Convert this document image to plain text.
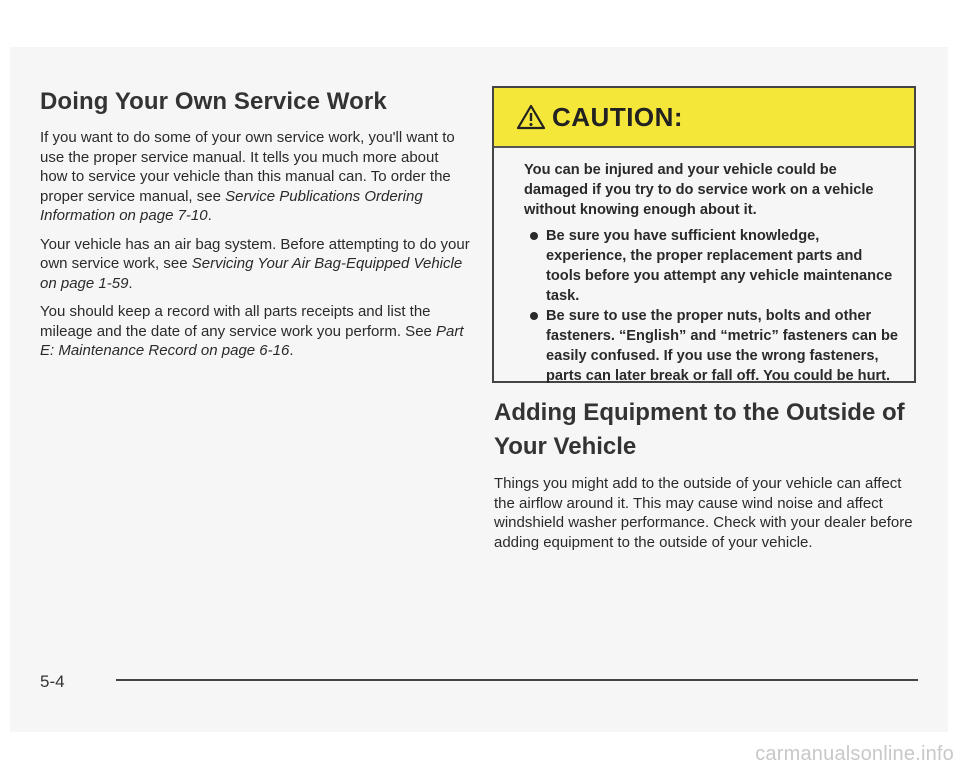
Doing Your Own Service Work

If you want to do some of your own service work, you'll want to use the proper service manual. It tells you much more about how to service your vehicle than this manual can. To order the proper service manual, see Service Publications Ordering Information on page 7-10.

Your vehicle has an air bag system. Before attempting to do your own service work, see Servicing Your Air Bag-Equipped Vehicle on page 1-59.

You should keep a record with all parts receipts and list the mileage and the date of any service work you perform. See Part E: Maintenance Record on page 6-16.

CAUTION:
You can be injured and your vehicle could be damaged if you try to do service work on a vehicle without knowing enough about it.
Be sure you have sufficient knowledge, experience, the proper replacement parts and tools before you attempt any vehicle maintenance task.
Be sure to use the proper nuts, bolts and other fasteners. “English” and “metric” fasteners can be easily confused. If you use the wrong fasteners, parts can later break or fall off. You could be hurt.
Adding Equipment to the Outside of Your Vehicle

Things you might add to the outside of your vehicle can affect the airflow around it. This may cause wind noise and affect windshield washer performance. Check with your dealer before adding equipment to the outside of your vehicle.

5-4
carmanualsonline.info
